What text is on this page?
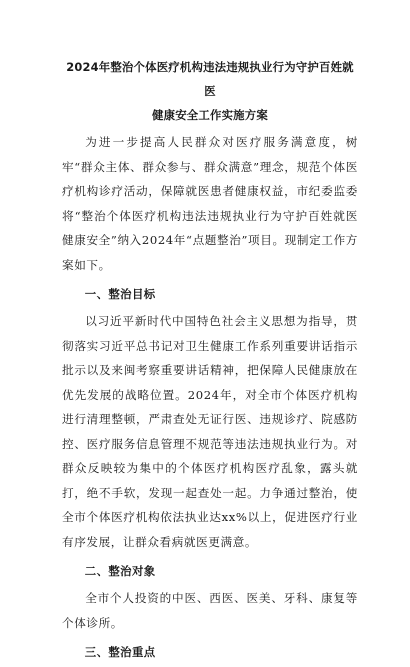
2024年整治个体医疗机构违法违规执业行为守护百姓就医
健康安全工作实施方案

为进一步提高人民群众对医疗服务满意度，树牢“群众主体、群众参与、群众满意”理念，规范个体医疗机构诊疗活动，保障就医患者健康权益，市纪委监委将“整治个体医疗机构违法违规执业行为守护百姓就医健康安全”纳入2024年“点题整治”项目。现制定工作方案如下。

一、整治目标

以习近平新时代中国特色社会主义思想为指导，贯彻落实习近平总书记对卫生健康工作系列重要讲话指示批示以及来闽考察重要讲话精神，把保障人民健康放在优先发展的战略位置。2024年，对全市个体医疗机构进行清理整顿，严肃查处无证行医、违规诊疗、院感防控、医疗服务信息管理不规范等违法违规执业行为。对群众反映较为集中的个体医疗机构医疗乱象，露头就打，绝不手软，发现一起查处一起。力争通过整治，使全市个体医疗机构依法执业达xx%以上，促进医疗行业有序发展，让群众看病就医更满意。

二、整治对象

全市个人投资的中医、西医、医美、牙科、康复等个体诊所。

三、整治重点
